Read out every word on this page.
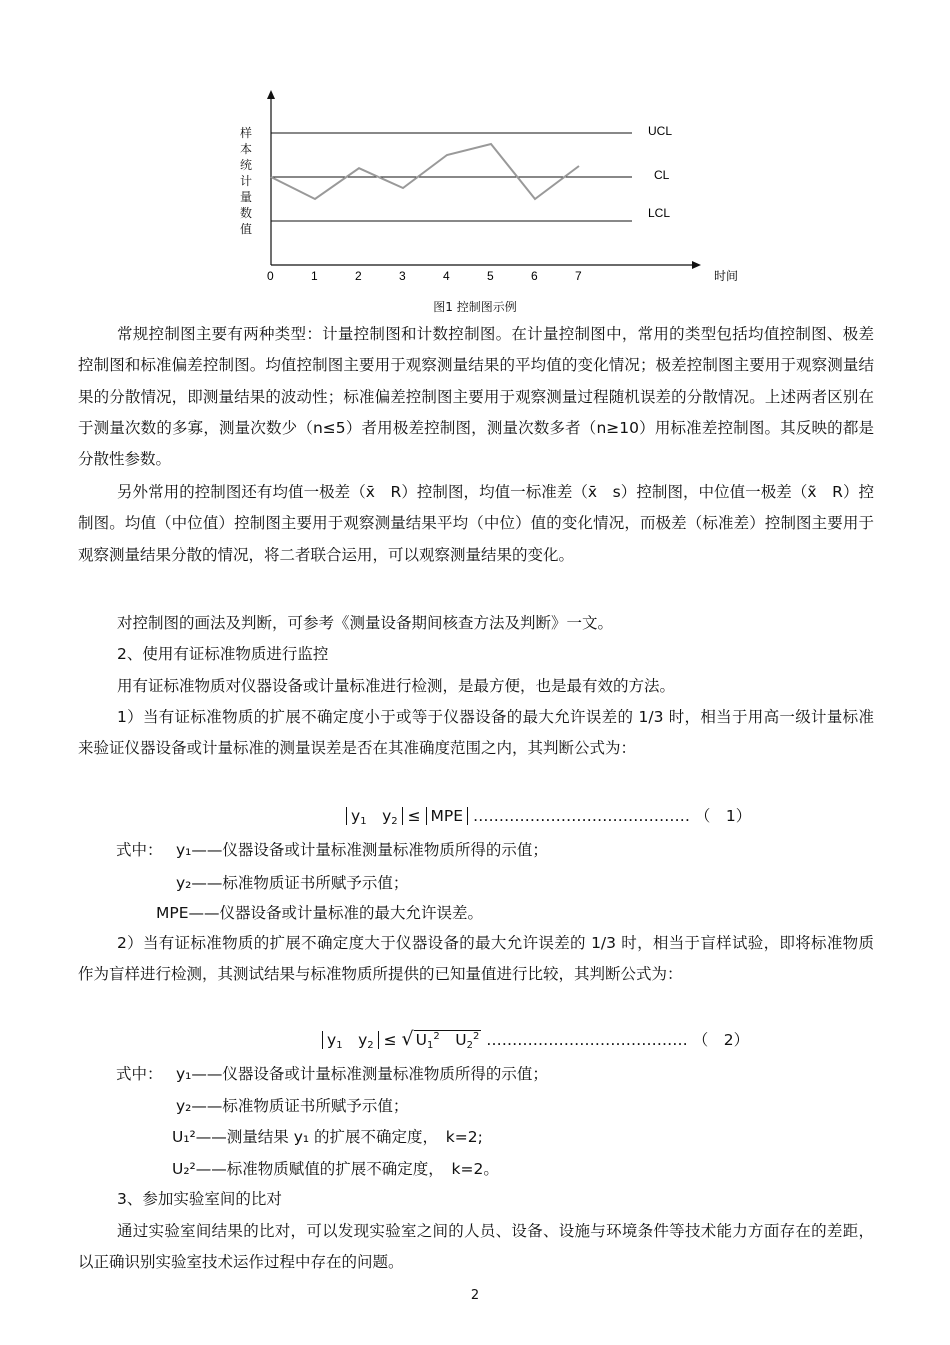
UCL
CL
LCL
0	1	2	3	4	5	6	7	时间
样本统计量数值
图1 控制图示例
常规控制图主要有两种类型：计量控制图和计数控制图。在计量控制图中，常用的类型包括均值控制图、极差控制图和标准偏差控制图。均值控制图主要用于观察测量结果的平均值的变化情况；极差控制图主要用于观察测量结果的分散情况，即测量结果的波动性；标准偏差控制图主要用于观察测量过程随机误差的分散情况。上述两者区别在于测量次数的多寡，测量次数少（n≤5）者用极差控制图，测量次数多者（n≥10）用标准差控制图。其反映的都是分散性参数。
另外常用的控制图还有均值一极差（x̄　R）控制图，均值一标准差（x̄　s）控制图，中位值一极差（x̃　R）控制图。均值（中位值）控制图主要用于观察测量结果平均（中位）值的变化情况，而极差（标准差）控制图主要用于观察测量结果分散的情况，将二者联合运用，可以观察测量结果的变化。
对控制图的画法及判断，可参考《测量设备期间核查方法及判断》一文。
2、使用有证标准物质进行监控
用有证标准物质对仪器设备或计量标准进行检测，是最方便，也是最有效的方法。
1）当有证标准物质的扩展不确定度小于或等于仪器设备的最大允许误差的 1/3 时，相当于用高一级计量标准来验证仪器设备或计量标准的测量误差是否在其准确度范围之内，其判断公式为：
$y_1$　 $y_2$ ≤ MPE …………………………………… （　1）
式中： y₁——仪器设备或计量标准测量标准物质所得的示值；
y₂——标准物质证书所赋予示值；
MPE——仪器设备或计量标准的最大允许误差。
2）当有证标准物质的扩展不确定度大于仪器设备的最大允许误差的 1/3 时，相当于盲样试验，即将标准物质作为盲样进行检测，其测试结果与标准物质所提供的已知量值进行比较，其判断公式为：
$y_1$　 $y_2$ ≤ √ $U_1^2$　 $U_2^2$ ………………………………… （　2）
式中： y₁——仪器设备或计量标准测量标准物质所得的示值；
y₂——标准物质证书所赋予示值；
U₁²——测量结果 y₁ 的扩展不确定度，　k=2;
U₂²——标准物质赋值的扩展不确定度，　k=2。
3、参加实验室间的比对
通过实验室间结果的比对，可以发现实验室之间的人员、设备、设施与环境条件等技术能力方面存在的差距，以正确识别实验室技术运作过程中存在的问题。
2
